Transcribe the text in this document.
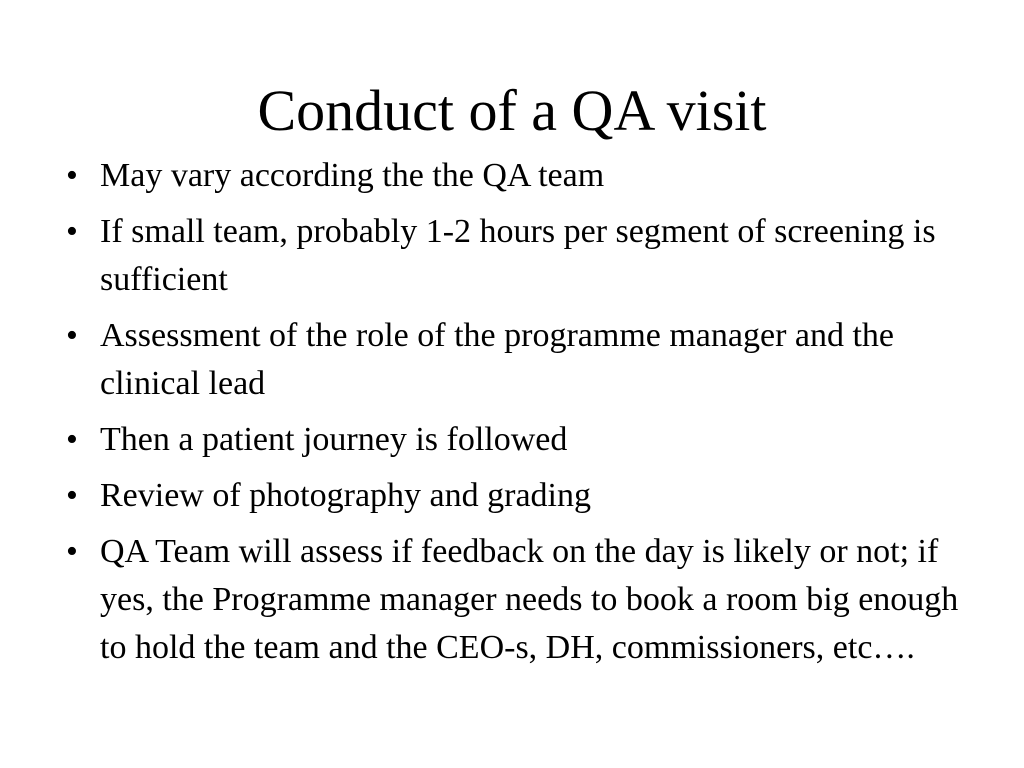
Conduct of a QA visit
• May vary according the the QA team
• If small team, probably 1-2 hours per segment of screening is sufficient
• Assessment of the role of the programme manager and the clinical lead
• Then a patient journey is followed
• Review of photography and grading
• QA Team will assess if feedback on the day is likely or not; if yes, the Programme manager needs to book a room big enough to hold the team and the CEO-s, DH, commissioners, etc….
